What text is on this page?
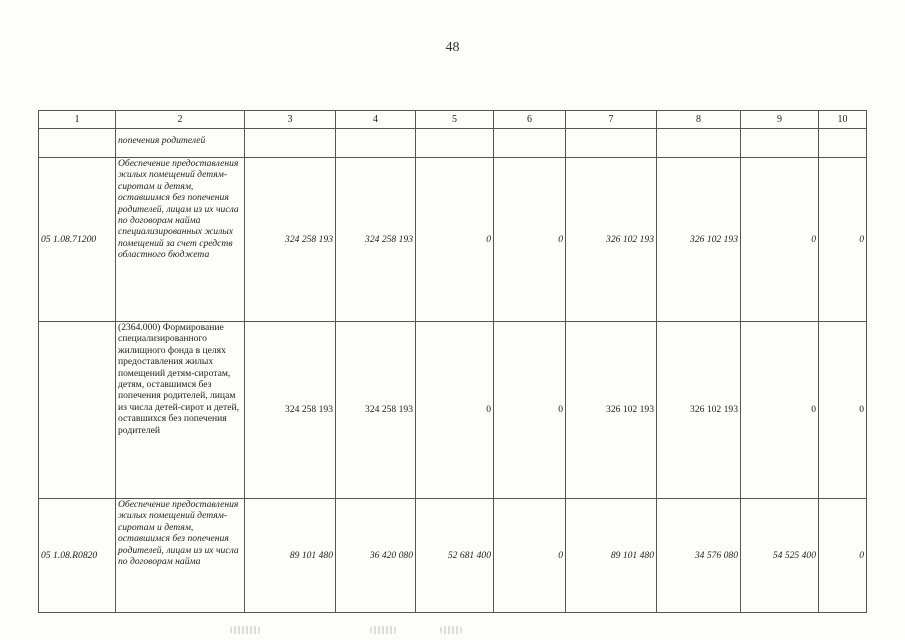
48
1	2	3	4	5	6	7	8	9	10
	попечения родителей								
05 1.08.71200	Обеспечение предоставления жилых помещений детям-сиротам и детям, оставшимся без попечения родителей, лицам из их числа по договорам найма специализированных жилых помещений за счет средств областного бюджета	324 258 193	324 258 193	0	0	326 102 193	326 102 193	0	0
	(2364.000) Формирование специализированного жилищного фонда в целях предоставления жилых помещений детям-сиротам, детям, оставшимся без попечения родителей, лицам из числа детей-сирот и детей, оставшихся без попечения родителей	324 258 193	324 258 193	0	0	326 102 193	326 102 193	0	0
05 1.08.R0820	Обеспечение предоставления жилых помещений детям-сиротам и детям, оставшимся без попечения родителей, лицам из их числа по договорам найма	89 101 480	36 420 080	52 681 400	0	89 101 480	34 576 080	54 525 400	0
